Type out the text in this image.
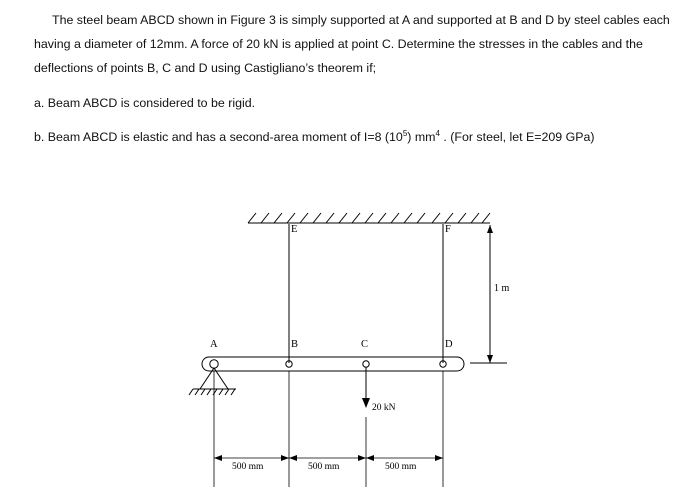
The steel beam ABCD shown in Figure 3 is simply supported at A and supported at B and D by steel cables each having a diameter of 12mm. A force of 20 kN is applied at point C. Determine the stresses in the cables and the deflections of points B, C and D using Castigliano’s theorem if;

a. Beam ABCD is considered to be rigid.

b. Beam ABCD is elastic and has a second-area moment of I=8 $(10^5)$ $mm^4$ . (For steel, let E=209 GPa)

E	F
A	B	C	D
20 kN
1 m
500 mm	500 mm	500 mm
